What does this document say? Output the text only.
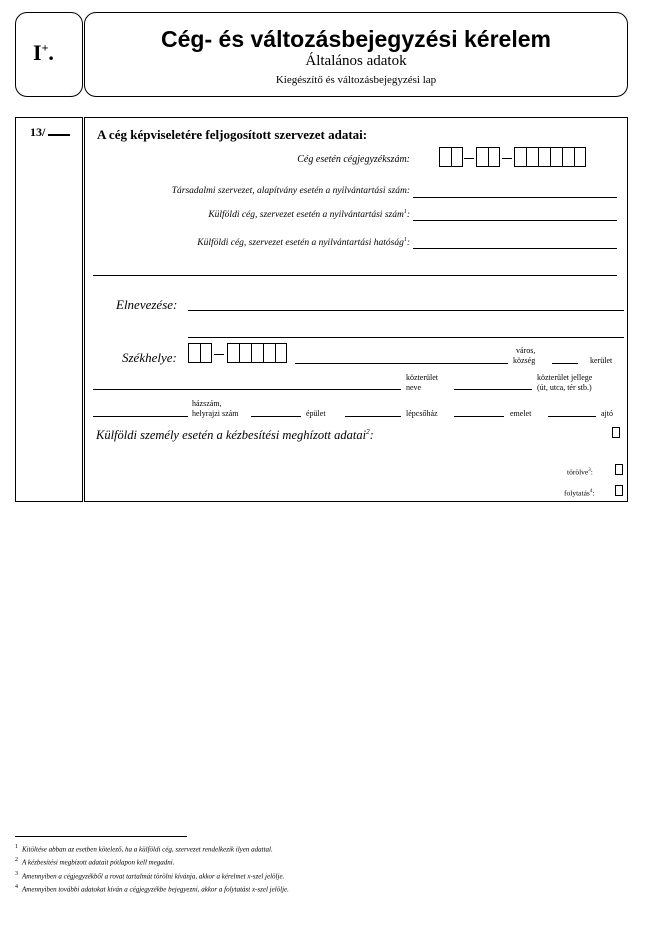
I+.
Cég- és változásbejegyzési kérelem
Általános adatok
Kiegészítő és változásbejegyzési lap
13/	A cég képviseletére feljogosított szervezet adatai:
Cég esetén cégjegyzékszám:
Társadalmi szervezet, alapítvány esetén a nyilvántartási szám:
Külföldi cég, szervezet esetén a nyilvántartási szám$^1$:
Külföldi cég, szervezet esetén a nyilvántartási hatóság$^1$:
Elnevezése:
Székhelye:	város,
község	kerület
közterület
neve
közterület jellege
(út, utca, tér stb.)
házszám,
helyrajzi szám	épület	lépcsőház	emelet	ajtó
Külföldi személy esetén a kézbesítési meghízott adatai$^2$:
törölve$^3$:
folytatás$^4$:
$^1$ Kitöltése abban az esetben kötelező, ha a külföldi cég, szervezet rendelkezik ilyen adattal.
$^2$ A kézbesítési megbízott adatait pótlapon kell megadni.
$^3$ Amennyiben a cégjegyzékből a rovat tartalmát törölni kívánja, akkor a kérelmet x-szel jelölje.
$^4$ Amennyiben további adatokat kíván a cégjegyzékbe bejegyezni, akkor a folytatást x-szel jelölje.
